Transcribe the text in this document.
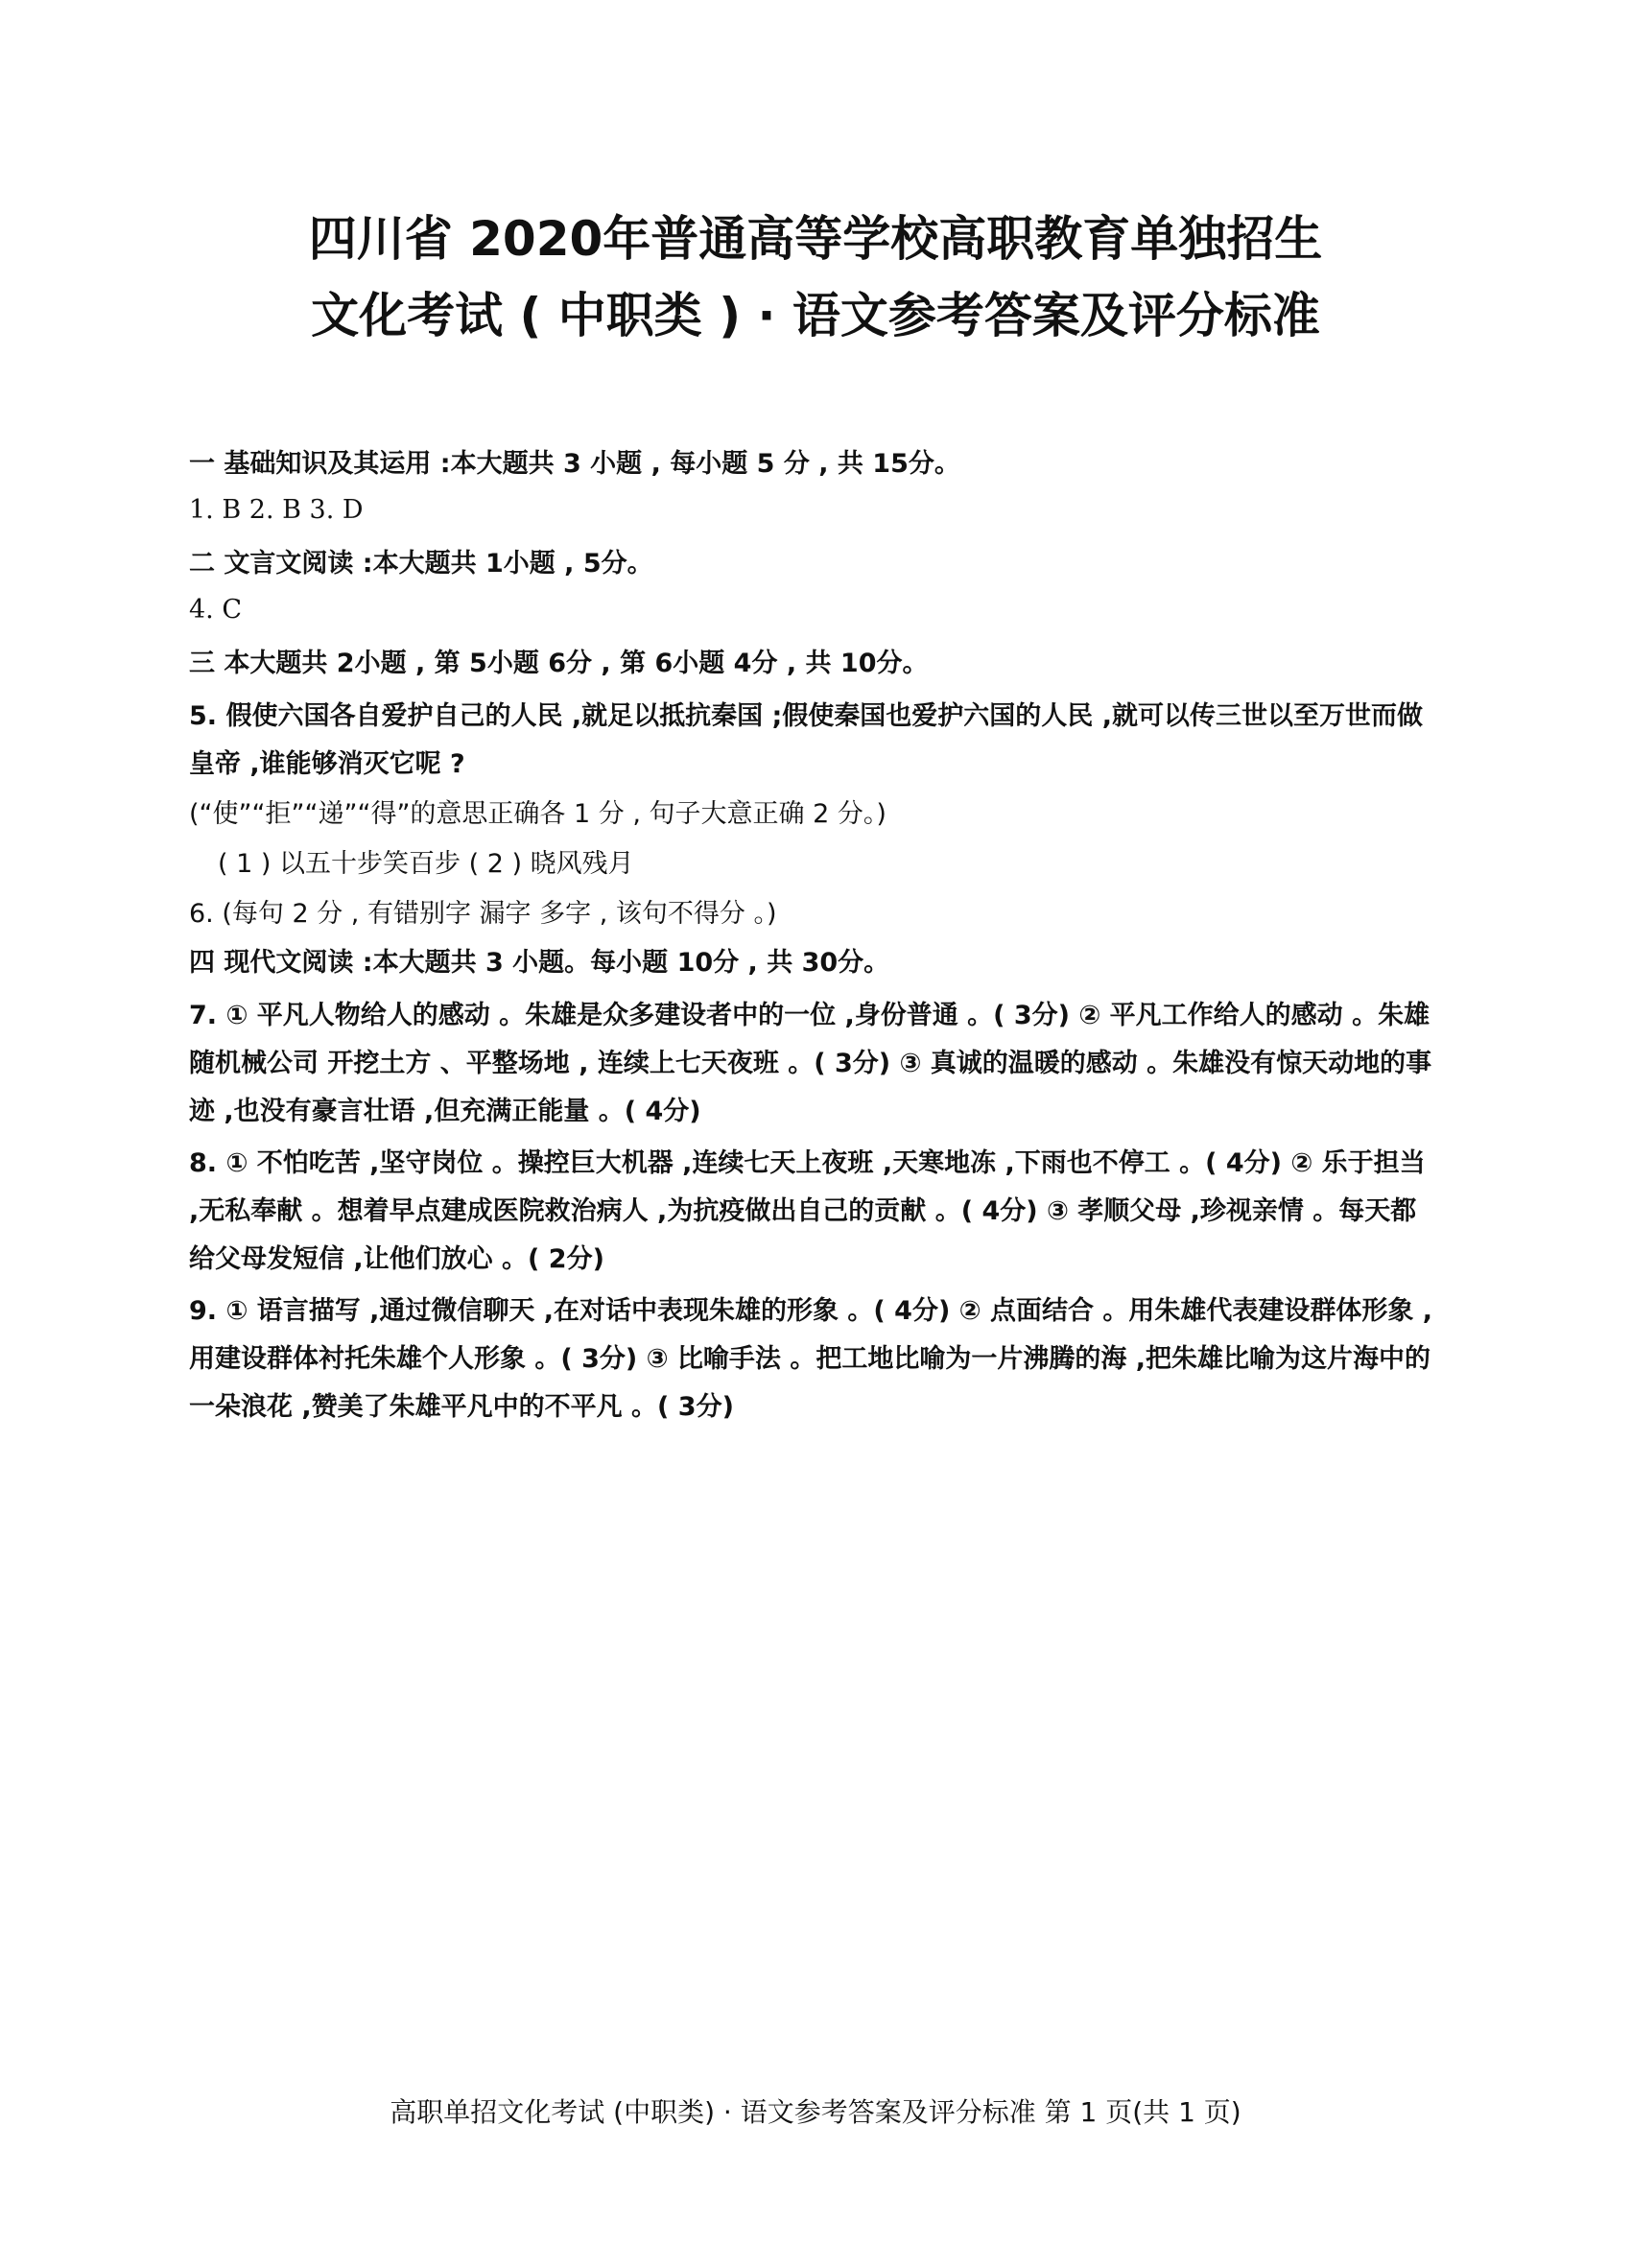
四川省 2020年普通高等学校高职教育单独招生
文化考试 ( 中职类 ) · 语文参考答案及评分标准
一 基础知识及其运用 :本大题共 3 小题 , 每小题 5 分 , 共 15分。
1. B 2. B 3. D
二 文言文阅读 :本大题共 1小题 , 5分。
4. C
三 本大题共 2小题 , 第 5小题 6分 , 第 6小题 4分 , 共 10分。
5. 假使六国各自爱护自己的人民 ,就足以抵抗秦国 ;假使秦国也爱护六国的人民 ,就可以传三世以至万世而做皇帝 ,谁能够消灭它呢 ?
(“使”“拒”“递”“得”的意思正确各 1 分 , 句子大意正确 2 分。)
( 1 ) 以五十步笑百步 ( 2 ) 晓风残月
6. (每句 2 分 , 有错别字 漏字 多字 , 该句不得分 。)
四 现代文阅读 :本大题共 3 小题。每小题 10分 , 共 30分。
7. ① 平凡人物给人的感动 。朱雄是众多建设者中的一位 ,身份普通 。( 3分) ② 平凡工作给人的感动 。朱雄随机械公司 开挖土方 、平整场地 , 连续上七天夜班 。( 3分) ③ 真诚的温暖的感动 。朱雄没有惊天动地的事迹 ,也没有豪言壮语 ,但充满正能量 。( 4分)
8. ① 不怕吃苦 ,坚守岗位 。操控巨大机器 ,连续七天上夜班 ,天寒地冻 ,下雨也不停工 。( 4分) ② 乐于担当 ,无私奉献 。想着早点建成医院救治病人 ,为抗疫做出自己的贡献 。( 4分) ③ 孝顺父母 ,珍视亲情 。每天都给父母发短信 ,让他们放心 。( 2分)
9. ① 语言描写 ,通过微信聊天 ,在对话中表现朱雄的形象 。( 4分) ② 点面结合 。用朱雄代表建设群体形象 ,用建设群体衬托朱雄个人形象 。( 3分) ③ 比喻手法 。把工地比喻为一片沸腾的海 ,把朱雄比喻为这片海中的一朵浪花 ,赞美了朱雄平凡中的不平凡 。( 3分)
高职单招文化考试 (中职类) · 语文参考答案及评分标准 第 1 页(共 1 页)
